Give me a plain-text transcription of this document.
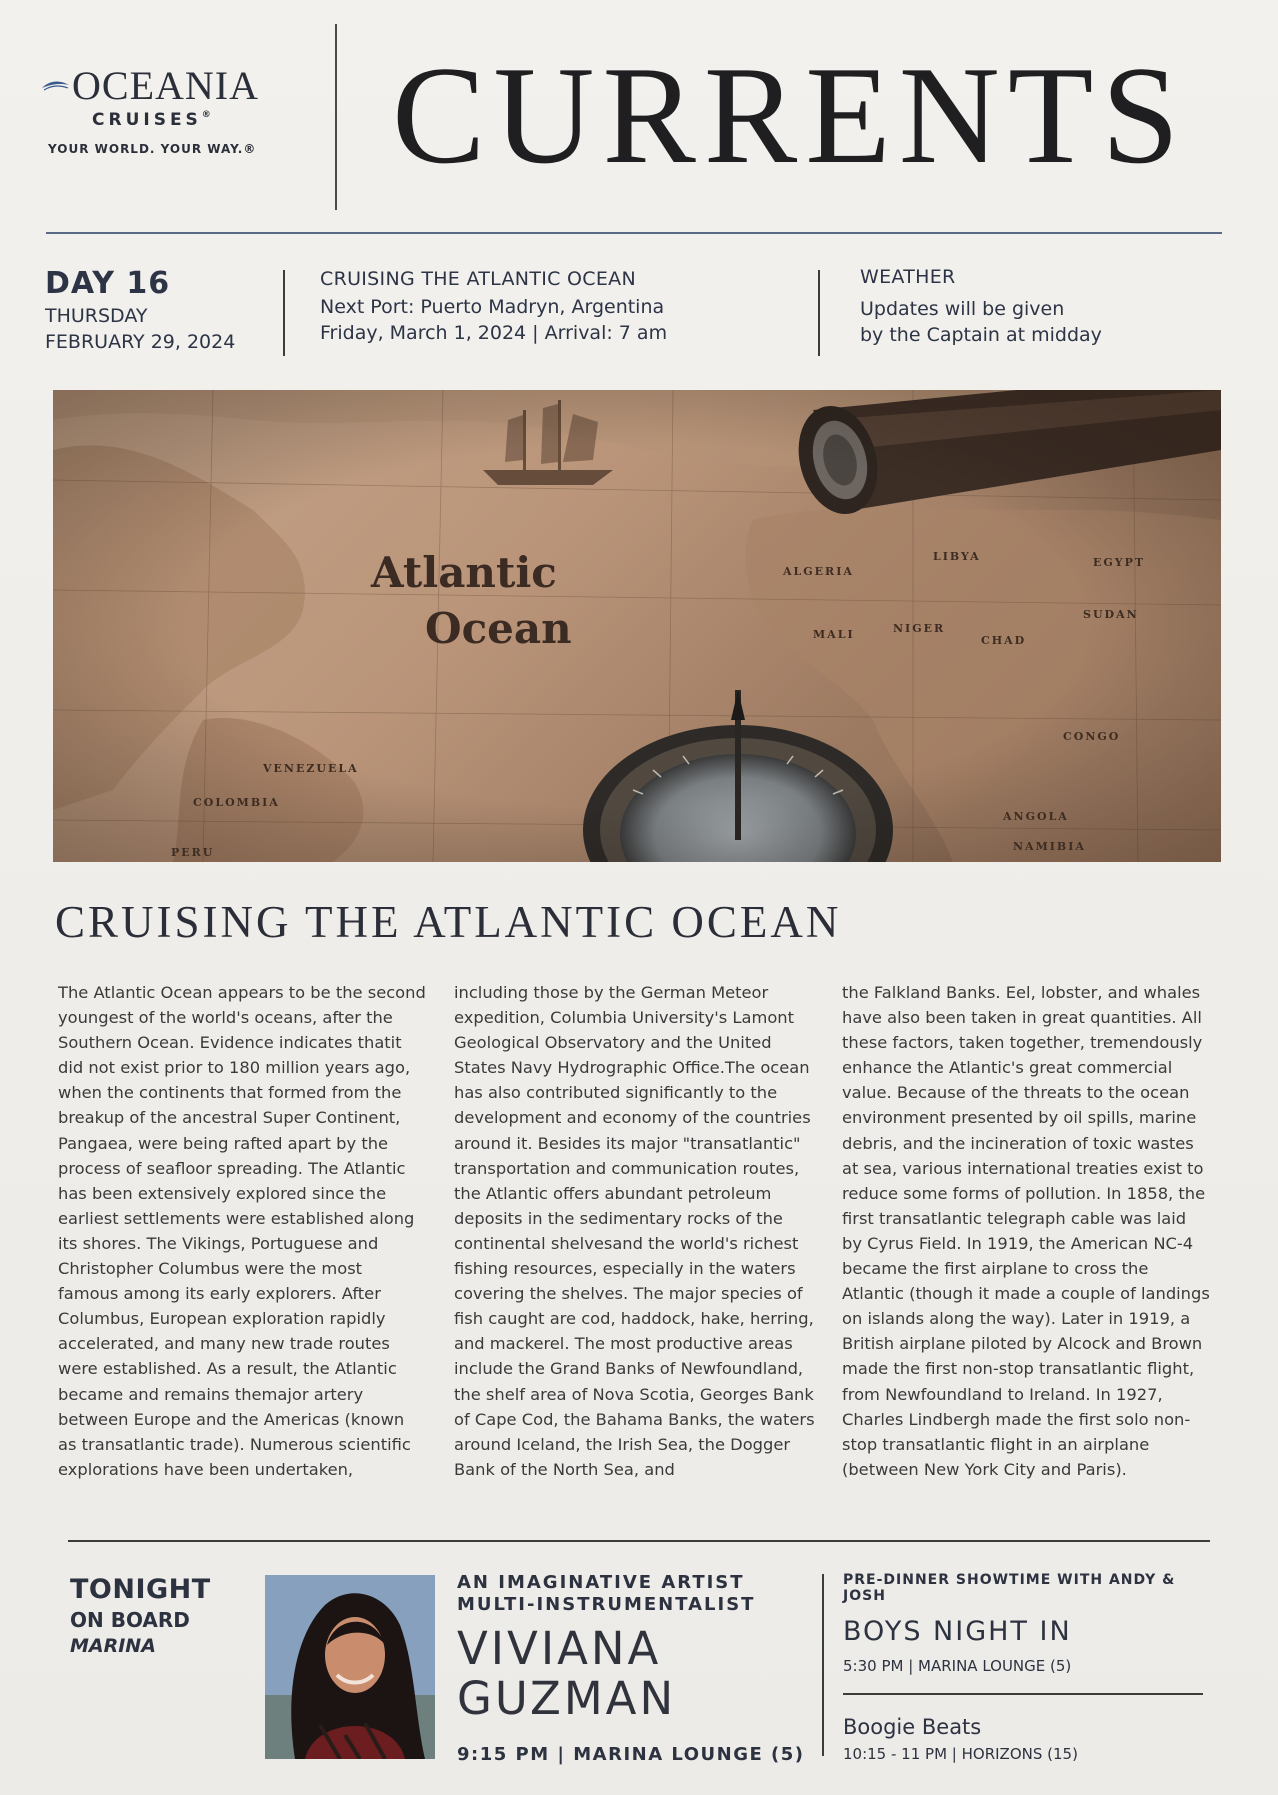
OCEANIA
CRUISES®
YOUR WORLD. YOUR WAY.® CURRENTS
DAY 16
THURSDAY
FEBRUARY 29, 2024
CRUISING THE ATLANTIC OCEAN
Next Port: Puerto Madryn, Argentina
Friday, March 1, 2024 | Arrival: 7 am
WEATHER
Updates will be given
by the Captain at midday
Atlantic
Ocean
ALGERIA
LIBYA	EGYPT
MALI	NIGER
CHAD
SUDAN
ANGOLA
COLOMBIA
PERU
VENEZUELA
NAMIBIA
CONGO
CRUISING THE ATLANTIC OCEAN

The Atlantic Ocean appears to be the second youngest of the world's oceans, after the Southern Ocean. Evidence indicates thatit did not exist prior to 180 million years ago, when the continents that formed from the breakup of the ancestral Super Continent, Pangaea, were being rafted apart by the process of seafloor spreading. The Atlantic has been extensively explored since the earliest settlements were established along its shores. The Vikings, Portuguese and Christopher Columbus were the most famous among its early explorers. After Columbus, European exploration rapidly accelerated, and many new trade routes were established. As a result, the Atlantic became and remains themajor artery between Europe and the Americas (known as transatlantic trade). Numerous scientific explorations have been undertaken,

including those by the German Meteor expedition, Columbia University's Lamont Geological Observatory and the United States Navy Hydrographic Office.The ocean has also contributed significantly to the development and economy of the countries around it. Besides its major "transatlantic" transportation and communication routes, the Atlantic offers abundant petroleum deposits in the sedimentary rocks of the continental shelvesand the world's richest fishing resources, especially in the waters covering the shelves. The major species of fish caught are cod, haddock, hake, herring, and mackerel. The most productive areas include the Grand Banks of Newfoundland, the shelf area of Nova Scotia, Georges Bank of Cape Cod, the Bahama Banks, the waters around Iceland, the Irish Sea, the Dogger Bank of the North Sea, and

the Falkland Banks. Eel, lobster, and whales have also been taken in great quantities. All these factors, taken together, tremendously enhance the Atlantic's great commercial value. Because of the threats to the ocean environment presented by oil spills, marine debris, and the incineration of toxic wastes at sea, various international treaties exist to reduce some forms of pollution. In 1858, the first transatlantic telegraph cable was laid by Cyrus Field. In 1919, the American NC-4 became the first airplane to cross the Atlantic (though it made a couple of landings on islands along the way). Later in 1919, a British airplane piloted by Alcock and Brown made the first non-stop transatlantic flight, from Newfoundland to Ireland. In 1927, Charles Lindbergh made the first solo non-stop transatlantic flight in an airplane (between New York City and Paris).

TONIGHT
ON BOARD
MARINA
AN IMAGINATIVE ARTIST
MULTI-INSTRUMENTALIST
VIVIANA
GUZMAN
9:15 PM | MARINA LOUNGE (5)
PRE-DINNER SHOWTIME WITH ANDY & JOSH
BOYS NIGHT IN
5:30 PM | MARINA LOUNGE (5)
Boogie Beats
10:15 - 11 PM | HORIZONS (15)
